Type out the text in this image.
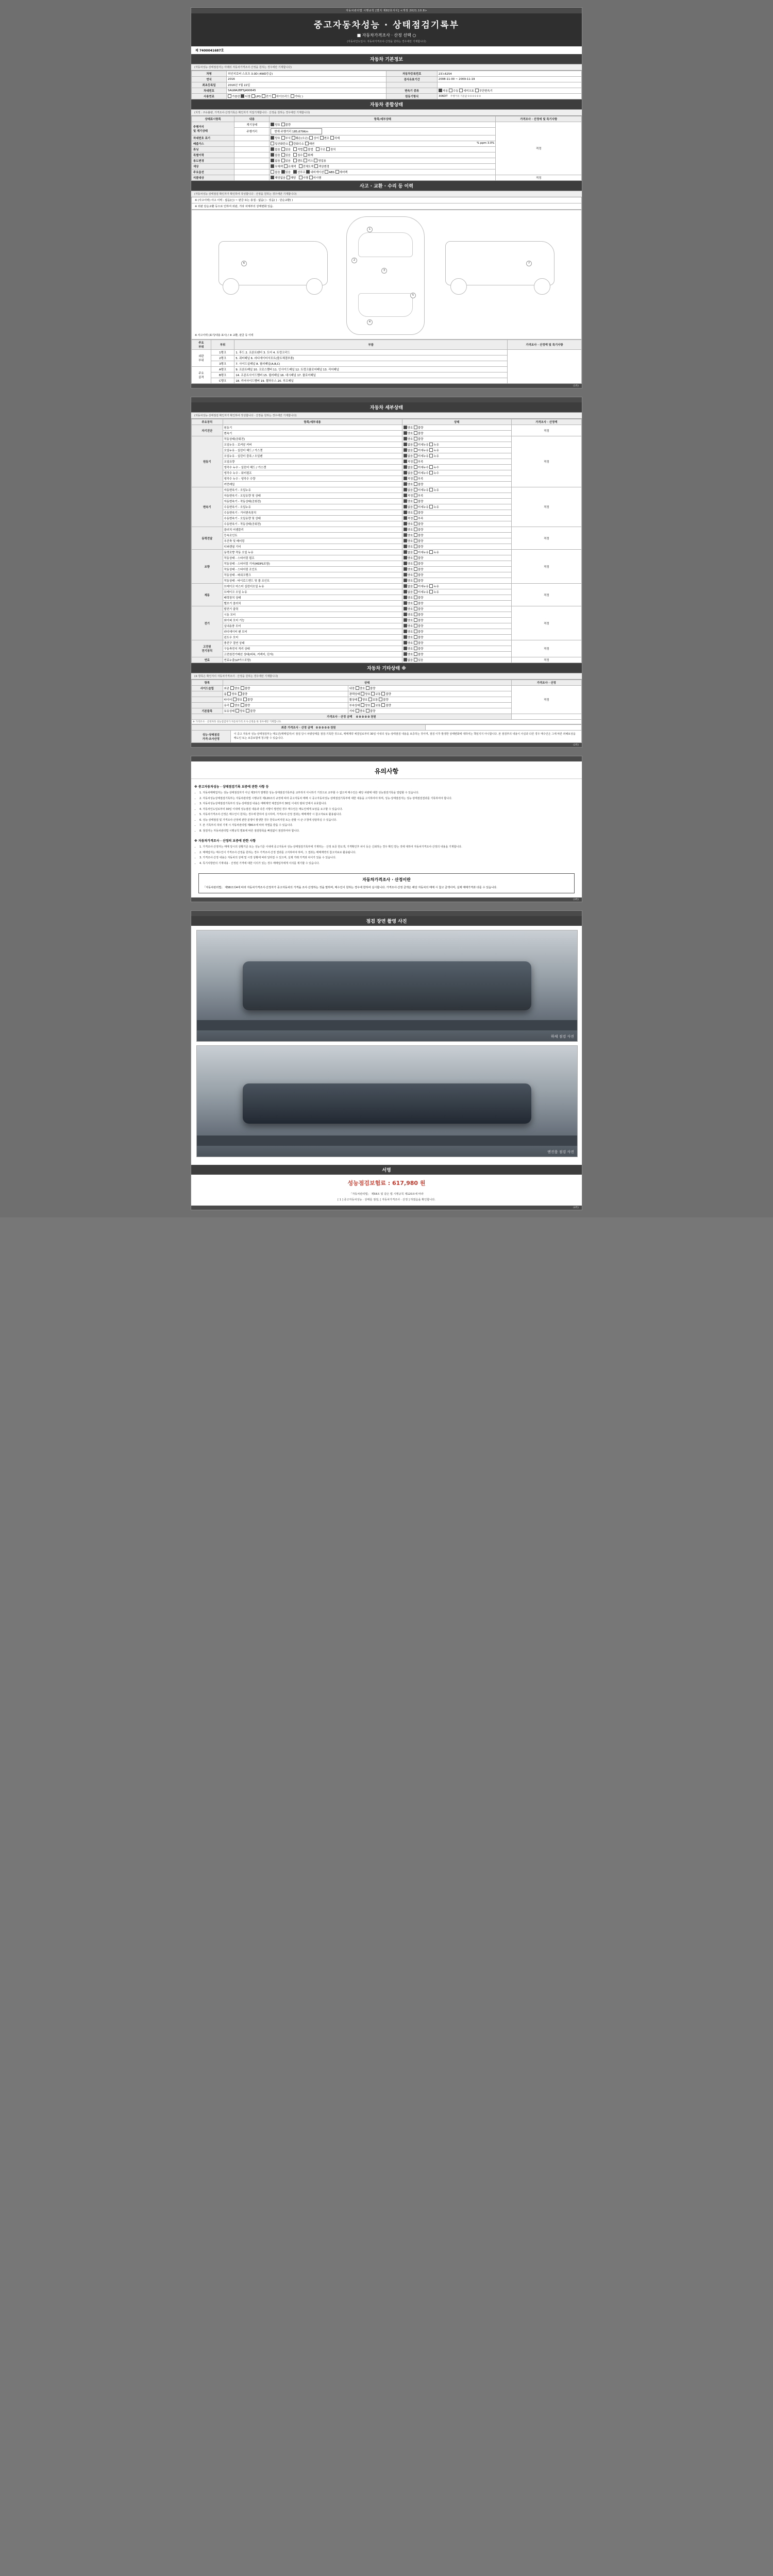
자동차관리법 시행규칙 [별지 제82호서식] <개정 2021.10.8>
중고자동차성능 · 상태점검기록부
■ 자동차가격조사 · 산정 선택 ○
(자동차인도일시: 자동차가격조사·산정을 원하는 경우에만 기재합니다)
제 7400041687호
자동차 기본정보
(자동차성능·상태점검자는 아래의 자동차가격조사·산정을 원하는 경우에만 기재합니다)
차명	허인지로버 스포츠 3.0D (4WD등급)	자동차등록번호	23노6254
연식	2016	검사유효기간	2008-11-00 ~ 2009-11-19
최초등록일	2016년 7월 22일		
차대번호	SALWA2BF5JA90645	변속기 종류	자동 수동 세미오토 무단변속기
사용연료	가솔린 디젤 LPG 전기 하이브리드 기타( )	원동기형식	306DT 주행거리 기준값 0 0 0 0 0 0
자동차 종합상태
(지적 : 주유불량, 가격조사·산정기록은 확인자가 직접기재합니다 · 산정을 원하는 경우에만 기재합니다)
상태표시항목	내용	항목/세부상태	가격조사 · 산정에 및 특기사항
주행거리
및 계기상태	계기상태	양호 불량	적정

	주행거리	현재 주행거리 185,679Km	
차대번호 표기		양호 부식 훼손(오손) 상이 변조 삭제	
배출가스		일산화탄소 탄화수소 매연 % ppm 3.0%	

튜닝		없음 있음   적법 불법   구조 장치	
특별이력		없음 있음   침수 화재	
용도변경		없음 있음   렌트 리스 영업용	
색상		무채색 유채색   전체도색 색상변경	
주요옵션		없음 있음   선루프 내비게이션 ABS 에어백	
리콜대상		해당없음 해당   이행 미이행	적정
사고 · 교환 · 수리 등 이력
(자동차성능·상태점검 확인자가 확인하여 작성합니다 · 산정을 원하는 경우에만 기재합니다)
※ (사고이력) 사고 이력 : 없음(○) ~ 판금 또는 용접 : 없음( ) · 있음( ) · 단순교환( )
※ 외판 단순교환 등으로 인하여 외판, 기타 차체부의 상태변화 있음.
1
2
3
4
5
6	7
※ 사고이력 (표기/내용 표시) / ※ 교환, 판금 등 이력
주요
부위	부위	부품	가격조사 · 산정액 및 특기사항
외판
부위	1랭크	1. 후드 2. 프론트팬더 3. 도어 4. 트렁크리드	
	2랭크	5. 쿼터패널 6. 라디에이터서포트(볼트체결부품)	
	3랭크	7. 사이드실패널 8. 필러패널(A,B,C)	
주요
골격	A랭크	9. 프론트패널 10. 크로스멤버 11. 인사이드패널 12. 트렁크플로어패널 13. 리어패널	
	B랭크	14. 프론트사이드멤버 15. 필러패널 16. 대시패널 17. 플로어패널	
	C랭크	18. 리어사이드멤버 19. 휠하우스 20. 루프패널	
(1쪽)

자동차 세부상태
(자동차성능·상태점검 확인자가 확인하여 작성합니다 · 산정을 원하는 경우에만 기재합니다)
주요장치	항목/세부내용	상태	가격조사 · 산정액
자기진단	원동기	양호 불량	적정
	변속기	양호 불량	
원동기	작동상태(공회전)	양호 불량	적정
	오일누유 - 로커암 커버	없음 미세누유 누유	
	오일누유 - 실린더 헤드 / 가스켓	없음 미세누유 누유	
	오일누유 - 실린더 블록 / 오일팬	없음 미세누유 누유	
	오일유량	적정 부족	
	냉각수 누수 - 실린더 헤드 / 가스켓	없음 미세누수 누수	
	냉각수 누수 - 워터펌프	없음 미세누수 누수	
	냉각수 누수 - 냉각수 수량	적정 부족	
	커먼레일	양호 불량	
변속기	자동변속기 - 오일누유	없음 미세누유 누유	적정
	자동변속기 - 오일유량 및 상태	적정 부족	
	자동변속기 - 작동상태(공회전)	양호 불량	
	수동변속기 - 오일누유	없음 미세누유 누유	
	수동변속기 - 기어변속장치	양호 불량	
	수동변속기 - 오일유량 및 상태	적정 부족	
	수동변속기 - 작동상태(공회전)	양호 불량	
동력전달	클러치 어셈블리	양호 불량	적정
	등속조인트	양호 불량	
	추진축 및 베어링	양호 불량	
	디퍼렌셜 기어	양호 불량	
조향	동력조향 작동 오일 누유	없음 미세누유 누유	적정
	작동상태 - 스티어링 펌프	양호 불량	
	작동상태 - 스티어링 기어(MDPS포함)	양호 불량	
	작동상태 - 스티어링 조인트	양호 불량	
	작동상태 - 파워크랭크	양호 불량	
	작동상태 - 타이로드엔드 및 볼 조인트	양호 불량	
제동	브레이크 마스터 실린더오일 누유	없음 미세누유 누유	적정
	브레이크 오일 누유	없음 미세누유 누유	
	배력장치 상태	양호 불량	
	밸브기 클러치	양호 불량	
전기	발전기 출력	양호 불량	적정
	시동 모터	양호 불량	
	와이퍼 모터 기능	양호 불량	
	실내송풍 모터	양호 불량	
	라디에이터 팬 모터	양호 불량	
	윈도우 모터	양호 불량	
고전원
전기장치	충전구 절연 상태	양호 불량	적정
	구동축전지 격리 상태	양호 불량	
	고전원전기배선 상태(피복, 커넥터, 단자)	양호 불량	
연료	연료누출(LP가스포함)	없음 있음	적정
자동차 기타상태 ※
(※ 항목은 확인자의 자동차가격조사 · 산정을 원하는 경우에만 기재합니다)
항목	상태		가격조사 · 산정
사이드슬립	외관 양호 불량	내장 양호 불량	적정
	룸 양호 불량	광택상태 양호 보통 불량	
	타이어 양호 불량	휠상태 양호 보통 불량	
	유리 양호 불량	부속상태 양호 보통 불량	
기본품목	보유상태 양호 불량	기타 양호 불량	
가격조사 · 산정 금액 0 0 0 0 0 천원			
※ 가격조사 · 산정자라 성능점검자가 자동차가격 조사·산정을 한 경우에만 기재합니다.			
최종 가격조사 · 산정 금액 0 0 0 0 0 천원		

성능·상태점검
가격·조사산정	이 중고 자동차 성능·상태점검부는 매도인(매매업자)이 점검 당시 차량상태를 점검·기록한 것으로, 매매계약 체결일로부터 30일 이내의 성능·상태점검 내용을 보증하는 것이며, 점검 이후 발생한 상태변화에 대하여는 책임지지 아니합니다. 본 점검부의 내용이 사실과 다른 경우 매수인은 그에 따른 피해보상을 매도인 또는 보증보험에 청구할 수 있습니다.	
(2쪽)

유의사항
※ 중고자동차성능 · 상태점검기록 보증에 관한 사항 등
• 1. 자동차매매업자는 성능·상태점검자가 아닌 제3자가 발행한 성능·상태점검기록부를 교부하지 아니하기 거짓으로 교부할 수 없으며 매수인은 해당 차량에 대한 성능점검기록을 열람할 수 있습니다.
• 2. 자동차성능상태점검기록부는 자동차관리법 시행규칙 제120조의 규정에 따라 중고자동차 매매 시 중고자동차성능·상태점검기록부에 대한 내용을 고지하여야 하며, 성능·상태점검자는 성능·상태점검결과를 기록하여야 합니다.
• 3. 자동차성능상태점검기록부의 성능·상태점검 내용은 매매계약 체결일부터 30일 이내의 범위 안에서 유효합니다.
• 4. 자동차인도일로부터 30일 이내에 성능점검 내용과 다른 사항이 발견된 경우 매수인은 매도인에게 보상을 요구할 수 있습니다.
• 5. 자동차가격조사·산정은 매수인이 원하는 경우에 한하여 실시하며, 가격조사·산정 결과는 매매계약 시 참고자료로 활용됩니다.
• 6. 성능·상태점검 및 가격조사·산정에 관한 분쟁이 발생한 경우 한국소비자원 또는 관할 시·군·구청에 상담하실 수 있습니다.
• 7. 본 기록부의 허위 기재 시 자동차관리법 제80조에 따라 처벌을 받을 수 있습니다.
• 8. 점검자는 자동차관리법 시행규칙 별표에 따른 점검항목을 빠짐없이 점검하여야 합니다.
※ 자동차가격조사 · 산정의 보증에 관한 사항
• 1. 가격조사·산정자는 매매 당시의 상황기준 또는 성능기준 이내에 중고자동차 성능·상태점검기록부에 기재하는 · 산정 보증 한도액, 가격확인후 차이 등은 신뢰하는 경우 확인 받는 것에 대하여 자동차가격조사·산정의 내용을 기재합니다.
• 2. 매매업자는 매수인이 가격조사·산정을 원하는 경우 가격조사·산정 결과를 고지하여야 하며, 그 결과는 매매계약의 참고자료로 활용됩니다.
• 3. 가격조사·산정 내용은 자동차의 상태 및 시장 상황에 따라 달라질 수 있으며, 실제 거래 가격과 차이가 있을 수 있습니다.
• 4. 특기사항란의 기재내용 · 산정된 가격에 대한 이의가 있는 경우 매매업자에게 이의를 제기할 수 있습니다.
자동차가격조사 · 산정이란
「자동차관리법」 제58조의4에 따라 자동차가격조사·산정자가 중고자동차의 가격을 조사·산정하는 것을 말하며, 매수인이 원하는 경우에 한하여 실시합니다. 가격조사·산정 금액은 해당 자동차의 매매 시 참고 금액이며, 실제 매매가격과 다를 수 있습니다.
(3쪽)

점검 장면 촬영 사진
하체 점검 사진
엔진룸 점검 사진
서명
성능점검보험료 : 617,980 원
「자동차관리법」 제58조 및 같은 법 시행규칙 제120조에 따라
[ 1 ] 중고자동차성능 · 상태를 점검, [ 자동차가격조사 · 산정 ] 하였음을 확인합니다.
(4쪽)
